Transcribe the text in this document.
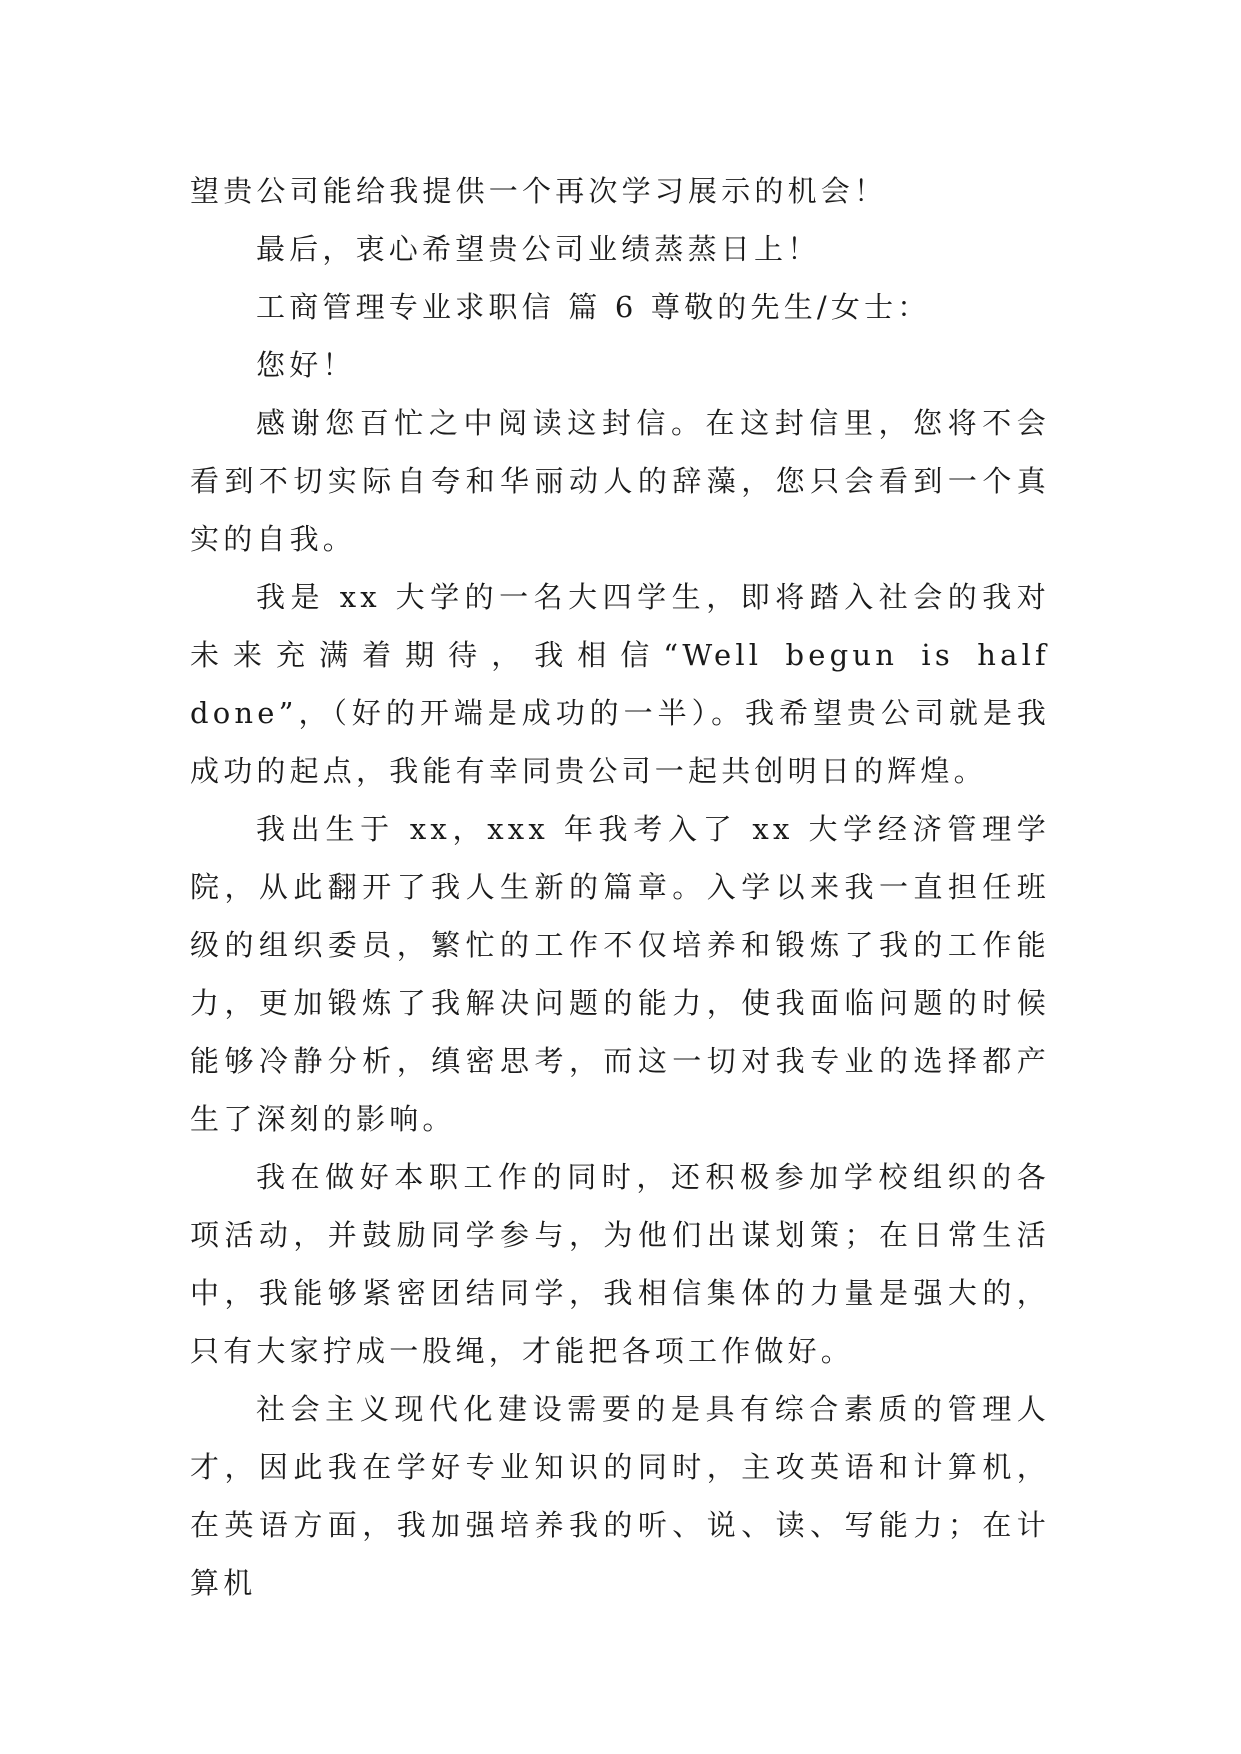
望贵公司能给我提供一个再次学习展示的机会！

最后，衷心希望贵公司业绩蒸蒸日上！

工商管理专业求职信 篇 6 尊敬的先生/女士：

您好！

感谢您百忙之中阅读这封信。在这封信里，您将不会看到不切实际自夸和华丽动人的辞藻，您只会看到一个真实的自我。

我是 xx 大学的一名大四学生，即将踏入社会的我对未来充满着期待，我相信“Well begun is half done”，（好的开端是成功的一半）。我希望贵公司就是我成功的起点，我能有幸同贵公司一起共创明日的辉煌。

我出生于 xx，xxx 年我考入了 xx 大学经济管理学院，从此翻开了我人生新的篇章。入学以来我一直担任班级的组织委员，繁忙的工作不仅培养和锻炼了我的工作能力，更加锻炼了我解决问题的能力，使我面临问题的时候能够冷静分析，缜密思考，而这一切对我专业的选择都产生了深刻的影响。

我在做好本职工作的同时，还积极参加学校组织的各项活动，并鼓励同学参与，为他们出谋划策；在日常生活中，我能够紧密团结同学，我相信集体的力量是强大的，只有大家拧成一股绳，才能把各项工作做好。

社会主义现代化建设需要的是具有综合素质的管理人才，因此我在学好专业知识的同时，主攻英语和计算机，在英语方面，我加强培养我的听、说、读、写能力；在计算机
